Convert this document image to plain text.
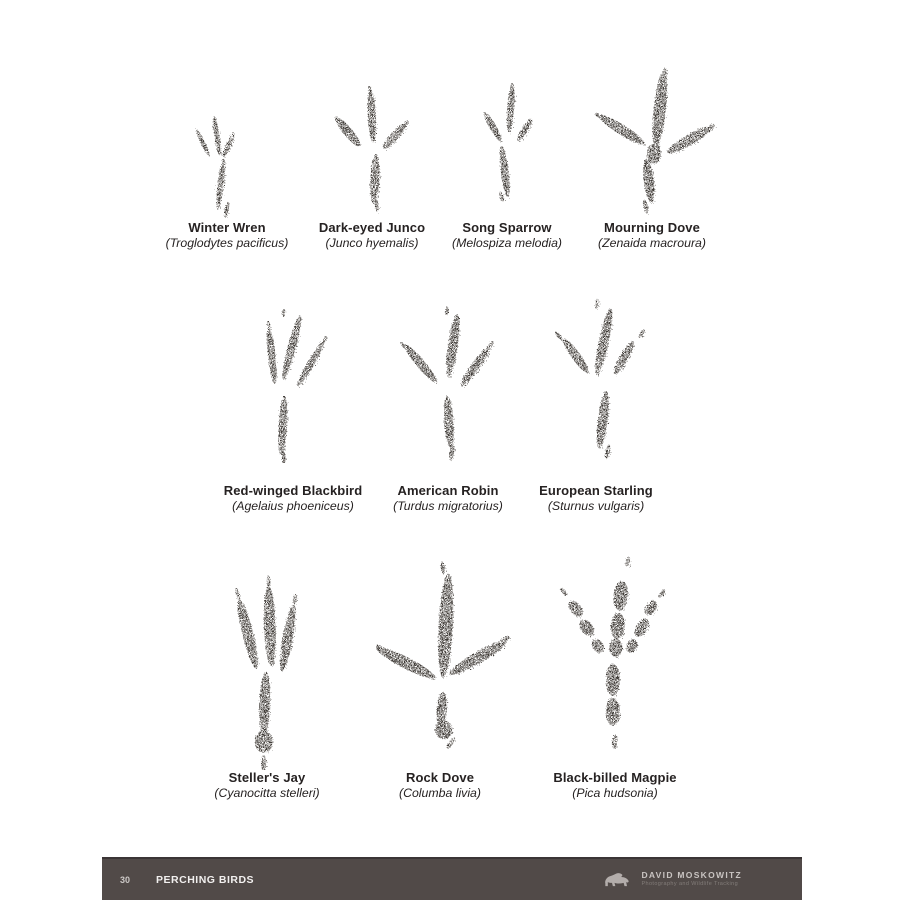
Winter Wren
(Troglodytes pacificus)
Dark-eyed Junco
(Junco hyemalis)
Song Sparrow
(Melospiza melodia)
Mourning Dove
(Zenaida macroura)
Red-winged Blackbird
(Agelaius phoeniceus)
American Robin
(Turdus migratorius)
European Starling
(Sturnus vulgaris)
Steller's Jay
(Cyanocitta stelleri)
Rock Dove
(Columba livia)
Black-billed Magpie
(Pica hudsonia)
30 PERCHING BIRDS	DAVID MOSKOWITZ
Photography and Wildlife Tracking
